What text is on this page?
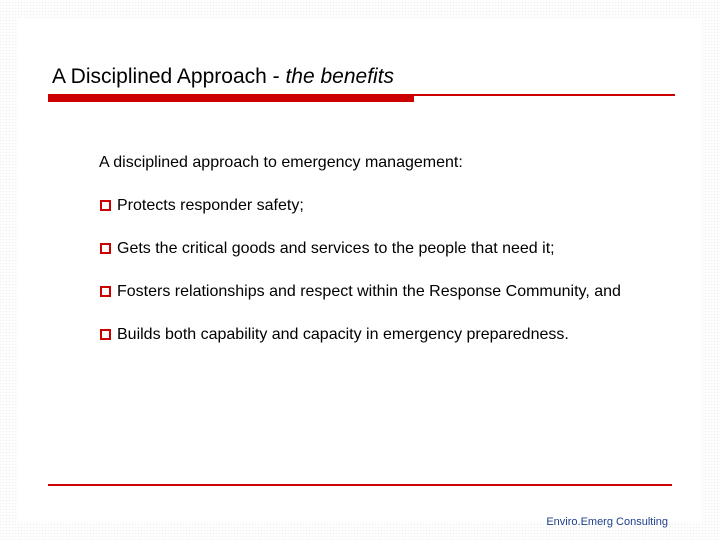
A Disciplined Approach - the benefits

A disciplined approach to emergency management:

Protects responder safety;

Gets the critical goods and services to the people that need it;

Fosters relationships and respect within the Response Community, and

Builds both capability and capacity in emergency preparedness.

Enviro.Emerg Consulting
